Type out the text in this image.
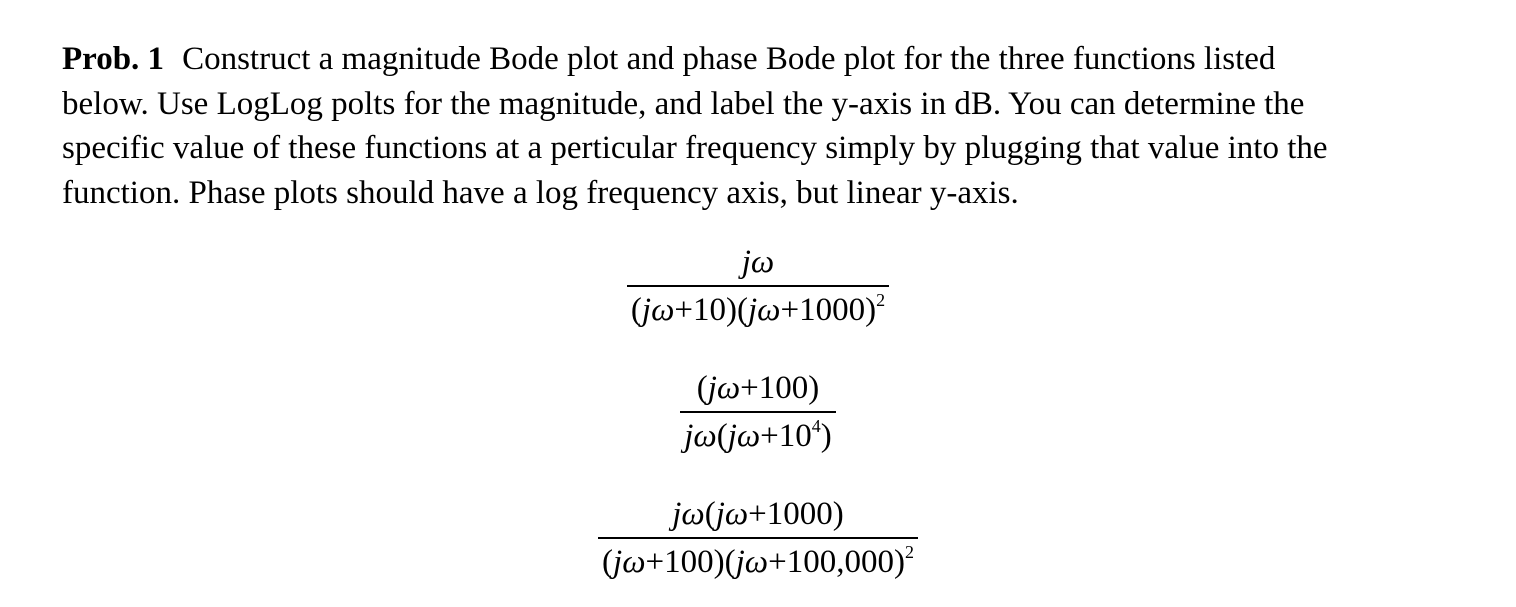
Prob. 1 Construct a magnitude Bode plot and phase Bode plot for the three functions listed
below. Use LogLog polts for the magnitude, and label the y-axis in dB. You can determine the
specific value of these functions at a perticular frequency simply by plugging that value into the
function. Phase plots should have a log frequency axis, but linear y-axis.
$\frac{j\omega}{(j\omega+10)(j\omega+1000)^2}$
$\frac{(j\omega+100)}{j\omega(j\omega+10^4)}$
$\frac{j\omega(j\omega+1000)}{(j\omega+100)(j\omega+100,000)^2}$
